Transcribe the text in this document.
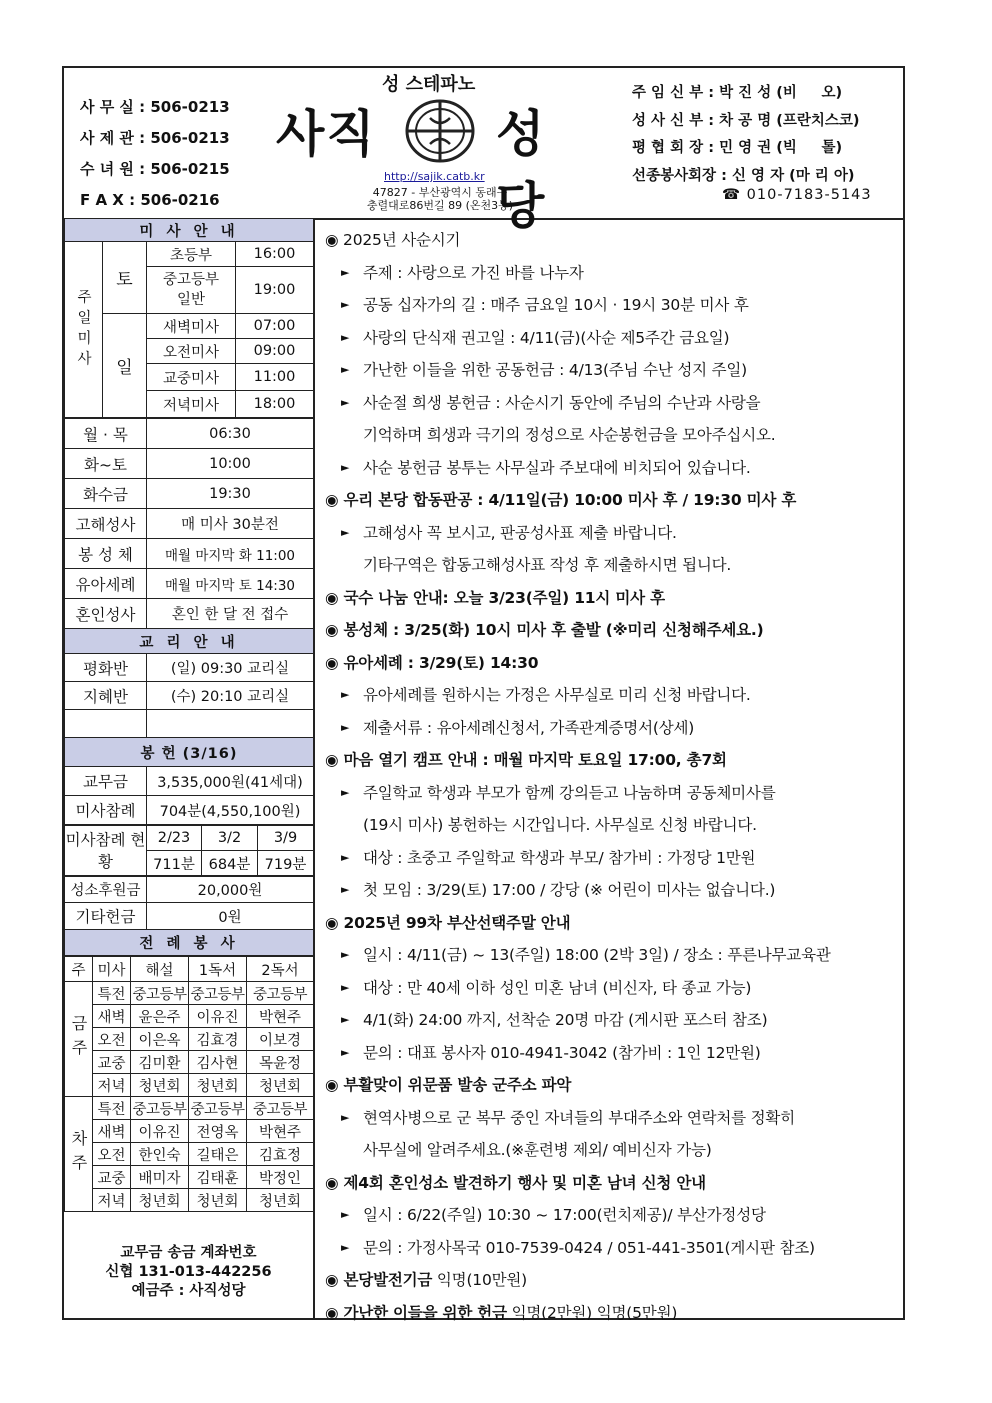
사 무 실 : 506-0213
사 제 관 : 506-0213
수 녀 원 : 506-0215
F A X : 506-0216
성 스테파노
사직 성당
http://sajik.catb.kr
47827 - 부산광역시 동래구
충렬대로86번길 89 (온천3동)
주 임 신 부 : 박 진 성 (비 　 오)
성 사 신 부 : 차 공 명 (프란치스코)
평 협 회 장 : 민 영 권 (빅 　 톨)
선종봉사회장 : 신 영 자 (마 리 아)
☎ 010-7183-5143
미 사 안 내			
주일미사	토	초등부	16:00
		중고등부
일반	19:00
	일	새벽미사	07:00
		오전미사	09:00
		교중미사	11:00
		저녁미사	18:00
월 · 목	06:30
화~토	10:00
화수금	19:30
고해성사	매 미사 30분전
봉 성 체	매월 마지막 화 11:00
유아세례	매월 마지막 토 14:30
혼인성사	혼인 한 달 전 접수
교 리 안 내	
평화반	(일) 09:30 교리실
지혜반	(수) 20:10 교리실

봉 헌 (3/16)	
교무금	3,535,000원(41세대)
미사참례	704분(4,550,100원)
미사참례 현황	2/23	3/2	3/9
	711분	684분	719분
성소후원금	20,000원
기타헌금	0원
전 례 봉 사	
주	미사	해설	1독서	2독서
금주	특전	중고등부	중고등부	중고등부
	새벽	윤은주	이유진	박현주
	오전	이은옥	김효경	이보경
	교중	김미환	김사현	목윤정
	저녁	청년회	청년회	청년회
차주	특전	중고등부	중고등부	중고등부
	새벽	이유진	전영옥	박현주
	오전	한인숙	길태은	김효정
	교중	배미자	김태훈	박정인
	저녁	청년회	청년회	청년회
교무금 송금 계좌번호
신협 131-013-442256
예금주 : 사직성당
◉ 2025년 사순시기
► 주제 : 사랑으로 가진 바를 나누자
► 공동 십자가의 길 : 매주 금요일 10시 · 19시 30분 미사 후
► 사랑의 단식재 권고일 : 4/11(금)(사순 제5주간 금요일)
► 가난한 이들을 위한 공동헌금 : 4/13(주님 수난 성지 주일)
► 사순절 희생 봉헌금 : 사순시기 동안에 주님의 수난과 사랑을
기억하며 희생과 극기의 정성으로 사순봉헌금을 모아주십시오.
► 사순 봉헌금 봉투는 사무실과 주보대에 비치되어 있습니다.
◉ 우리 본당 합동판공 : 4/11일(금) 10:00 미사 후 / 19:30 미사 후
► 고해성사 꼭 보시고, 판공성사표 제출 바랍니다.
기타구역은 합동고해성사표 작성 후 제출하시면 됩니다.
◉ 국수 나눔 안내: 오늘 3/23(주일) 11시 미사 후
◉ 봉성체 : 3/25(화) 10시 미사 후 출발 (※미리 신청해주세요.)
◉ 유아세례 : 3/29(토) 14:30
► 유아세례를 원하시는 가정은 사무실로 미리 신청 바랍니다.
► 제출서류 : 유아세례신청서, 가족관계증명서(상세)
◉ 마음 열기 캠프 안내 : 매월 마지막 토요일 17:00, 총7회
► 주일학교 학생과 부모가 함께 강의듣고 나눔하며 공동체미사를
(19시 미사) 봉헌하는 시간입니다. 사무실로 신청 바랍니다.
► 대상 : 초중고 주일학교 학생과 부모/ 참가비 : 가정당 1만원
► 첫 모임 : 3/29(토) 17:00 / 강당 (※ 어린이 미사는 없습니다.)
◉ 2025년 99차 부산선택주말 안내
► 일시 : 4/11(금) ~ 13(주일) 18:00 (2박 3일) / 장소 : 푸른나무교육관
► 대상 : 만 40세 이하 성인 미혼 남녀 (비신자, 타 종교 가능)
► 4/1(화) 24:00 까지, 선착순 20명 마감 (게시판 포스터 참조)
► 문의 : 대표 봉사자 010-4941-3042 (참가비 : 1인 12만원)
◉ 부활맞이 위문품 발송 군주소 파악
► 현역사병으로 군 복무 중인 자녀들의 부대주소와 연락처를 정확히
사무실에 알려주세요.(※훈련병 제외/ 예비신자 가능)
◉ 제4회 혼인성소 발견하기 행사 및 미혼 남녀 신청 안내
► 일시 : 6/22(주일) 10:30 ~ 17:00(런치제공)/ 부산가정성당
► 문의 : 가정사목국 010-7539-0424 / 051-441-3501(게시판 참조)
◉ 본당발전기금 익명(10만원)
◉ 가난한 이들을 위한 헌금 익명(2만원) 익명(5만원)
